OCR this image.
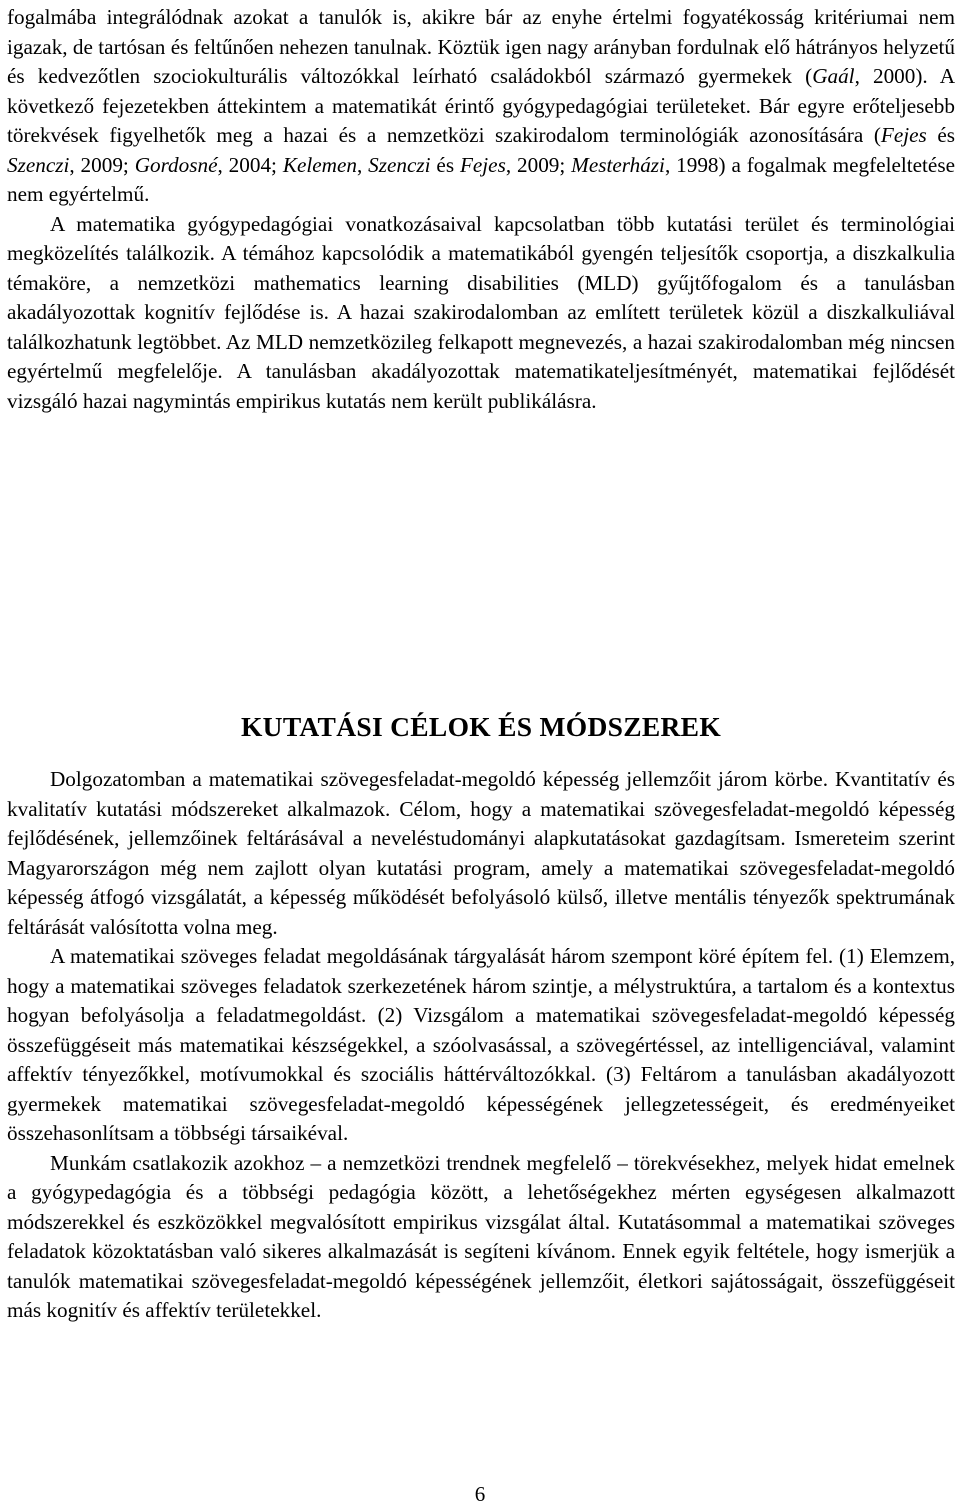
fogalmába integrálódnak azokat a tanulók is, akikre bár az enyhe értelmi fogyatékosság kritériumai nem igazak, de tartósan és feltűnően nehezen tanulnak. Köztük igen nagy arányban fordulnak elő hátrányos helyzetű és kedvezőtlen szociokulturális változókkal leírható családokból származó gyermekek (Gaál, 2000). A következő fejezetekben áttekintem a matematikát érintő gyógypedagógiai területeket. Bár egyre erőteljesebb törekvések figyelhetők meg a hazai és a nemzetközi szakirodalom terminológiák azonosítására (Fejes és Szenczi, 2009; Gordosné, 2004; Kelemen, Szenczi és Fejes, 2009; Mesterházi, 1998) a fogalmak megfeleltetése nem egyértelmű.

A matematika gyógypedagógiai vonatkozásaival kapcsolatban több kutatási terület és terminológiai megközelítés találkozik. A témához kapcsolódik a matematikából gyengén teljesítők csoportja, a diszkalkulia témaköre, a nemzetközi mathematics learning disabilities (MLD) gyűjtőfogalom és a tanulásban akadályozottak kognitív fejlődése is. A hazai szakirodalomban az említett területek közül a diszkalkuliával találkozhatunk legtöbbet. Az MLD nemzetközileg felkapott megnevezés, a hazai szakirodalomban még nincsen egyértelmű megfelelője. A tanulásban akadályozottak matematikateljesítményét, matematikai fejlődését vizsgáló hazai nagymintás empirikus kutatás nem került publikálásra.

KUTATÁSI CÉLOK ÉS MÓDSZEREK

Dolgozatomban a matematikai szövegesfeladat-megoldó képesség jellemzőit járom körbe. Kvantitatív és kvalitatív kutatási módszereket alkalmazok. Célom, hogy a matematikai szövegesfeladat-megoldó képesség fejlődésének, jellemzőinek feltárásával a neveléstudományi alapkutatásokat gazdagítsam. Ismereteim szerint Magyarországon még nem zajlott olyan kutatási program, amely a matematikai szövegesfeladat-megoldó képesség átfogó vizsgálatát, a képesség működését befolyásoló külső, illetve mentális tényezők spektrumának feltárását valósította volna meg.

A matematikai szöveges feladat megoldásának tárgyalását három szempont köré építem fel. (1) Elemzem, hogy a matematikai szöveges feladatok szerkezetének három szintje, a mélystruktúra, a tartalom és a kontextus hogyan befolyásolja a feladatmegoldást. (2) Vizsgálom a matematikai szövegesfeladat-megoldó képesség összefüggéseit más matematikai készségekkel, a szóolvasással, a szövegértéssel, az intelligenciával, valamint affektív tényezőkkel, motívumokkal és szociális háttérváltozókkal. (3) Feltárom a tanulásban akadályozott gyermekek matematikai szövegesfeladat-megoldó képességének jellegzetességeit, és eredményeiket összehasonlítsam a többségi társaikéval.

Munkám csatlakozik azokhoz – a nemzetközi trendnek megfelelő – törekvésekhez, melyek hidat emelnek a gyógypedagógia és a többségi pedagógia között, a lehetőségekhez mérten egységesen alkalmazott módszerekkel és eszközökkel megvalósított empirikus vizsgálat által. Kutatásommal a matematikai szöveges feladatok közoktatásban való sikeres alkalmazását is segíteni kívánom. Ennek egyik feltétele, hogy ismerjük a tanulók matematikai szövegesfeladat-megoldó képességének jellemzőit, életkori sajátosságait, összefüggéseit más kognitív és affektív területekkel.

6
